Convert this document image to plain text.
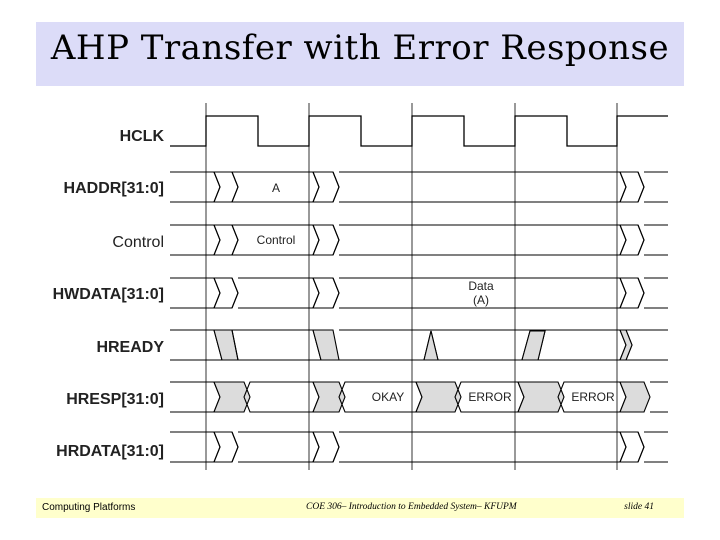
AHP Transfer with Error Response
HCLK
HADDR[31:0]
Control
HWDATA[31:0]
HREADY
HRESP[31:0]
HRDATA[31:0]
A
Control
Data
(A)
OKAY	ERROR	ERROR
Computing Platforms	COE 306– Introduction to Embedded System– KFUPM	slide 41
